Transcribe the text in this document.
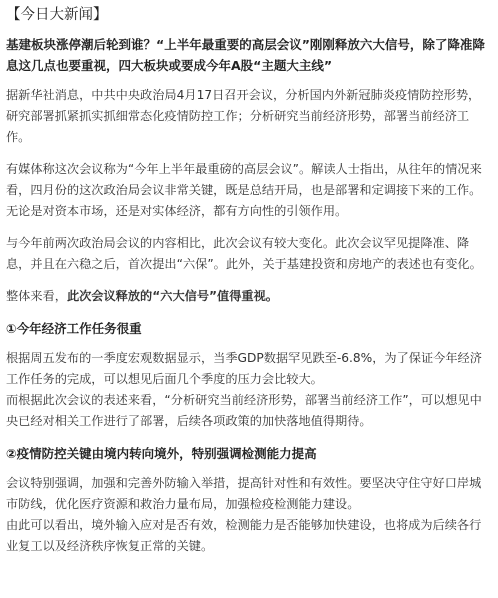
【今日大新闻】
基建板块涨停潮后轮到谁？“上半年最重要的高层会议”刚刚释放六大信号，除了降准降息这几点也要重视，四大板块或要成今年A股“主题大主线”

据新华社消息，中共中央政治局4月17日召开会议，分析国内外新冠肺炎疫情防控形势，研究部署抓紧抓实抓细常态化疫情防控工作；分析研究当前经济形势，部署当前经济工作。

有媒体称这次会议称为“今年上半年最重磅的高层会议”。解读人士指出，从往年的情况来看，四月份的这次政治局会议非常关键，既是总结开局，也是部署和定调接下来的工作。无论是对资本市场，还是对实体经济，都有方向性的引领作用。

与今年前两次政治局会议的内容相比，此次会议有较大变化。此次会议罕见提降准、降息，并且在六稳之后，首次提出“六保”。此外，关于基建投资和房地产的表述也有变化。

整体来看，此次会议释放的“六大信号”值得重视。

①今年经济工作任务很重

根据周五发布的一季度宏观数据显示，当季GDP数据罕见跌至-6.8%，为了保证今年经济工作任务的完成，可以想见后面几个季度的压力会比较大。

而根据此次会议的表述来看，“分析研究当前经济形势，部署当前经济工作”，可以想见中央已经对相关工作进行了部署，后续各项政策的加快落地值得期待。

②疫情防控关键由境内转向境外，特别强调检测能力提高

会议特别强调，加强和完善外防输入举措，提高针对性和有效性。要坚决守住守好口岸城市防线，优化医疗资源和救治力量布局，加强检疫检测能力建设。

由此可以看出，境外输入应对是否有效，检测能力是否能够加快建设，也将成为后续各行业复工以及经济秩序恢复正常的关键。
